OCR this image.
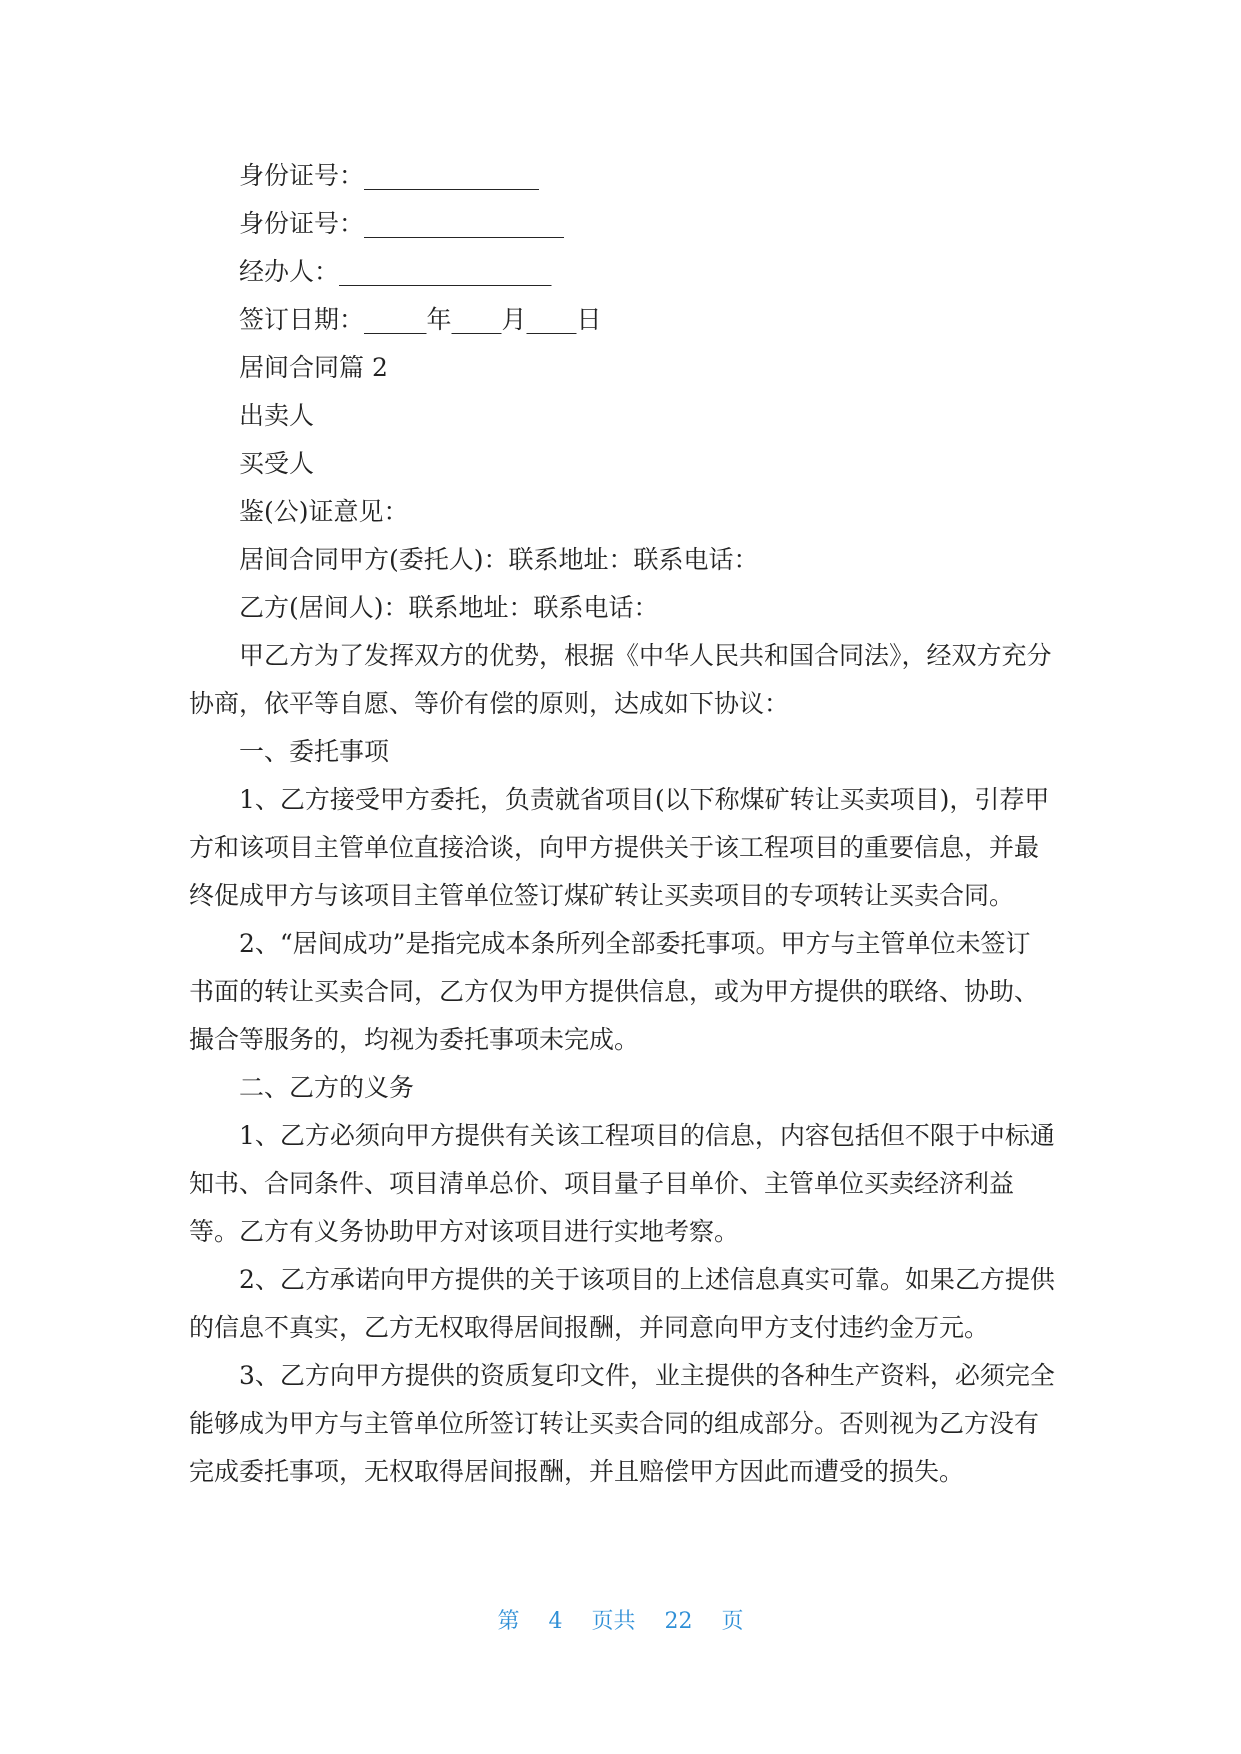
身份证号：______________
身份证号：________________
经办人：_________________
签订日期：_____年____月____日
居间合同篇 2
出卖人
买受人
鉴(公)证意见：
居间合同甲方(委托人)：联系地址：联系电话：
乙方(居间人)：联系地址：联系电话：
甲乙方为了发挥双方的优势，根据《中华人民共和国合同法》，经双方充分
协商，依平等自愿、等价有偿的原则，达成如下协议：
一、委托事项
1、乙方接受甲方委托，负责就省项目(以下称煤矿转让买卖项目)，引荐甲
方和该项目主管单位直接洽谈，向甲方提供关于该工程项目的重要信息，并最
终促成甲方与该项目主管单位签订煤矿转让买卖项目的专项转让买卖合同。
2、“居间成功”是指完成本条所列全部委托事项。甲方与主管单位未签订
书面的转让买卖合同，乙方仅为甲方提供信息，或为甲方提供的联络、协助、
撮合等服务的，均视为委托事项未完成。
二、乙方的义务
1、乙方必须向甲方提供有关该工程项目的信息，内容包括但不限于中标通
知书、合同条件、项目清单总价、项目量子目单价、主管单位买卖经济利益
等。乙方有义务协助甲方对该项目进行实地考察。
2、乙方承诺向甲方提供的关于该项目的上述信息真实可靠。如果乙方提供
的信息不真实，乙方无权取得居间报酬，并同意向甲方支付违约金万元。
3、乙方向甲方提供的资质复印文件，业主提供的各种生产资料，必须完全
能够成为甲方与主管单位所签订转让买卖合同的组成部分。否则视为乙方没有
完成委托事项，无权取得居间报酬，并且赔偿甲方因此而遭受的损失。
第 4 页共 22 页
